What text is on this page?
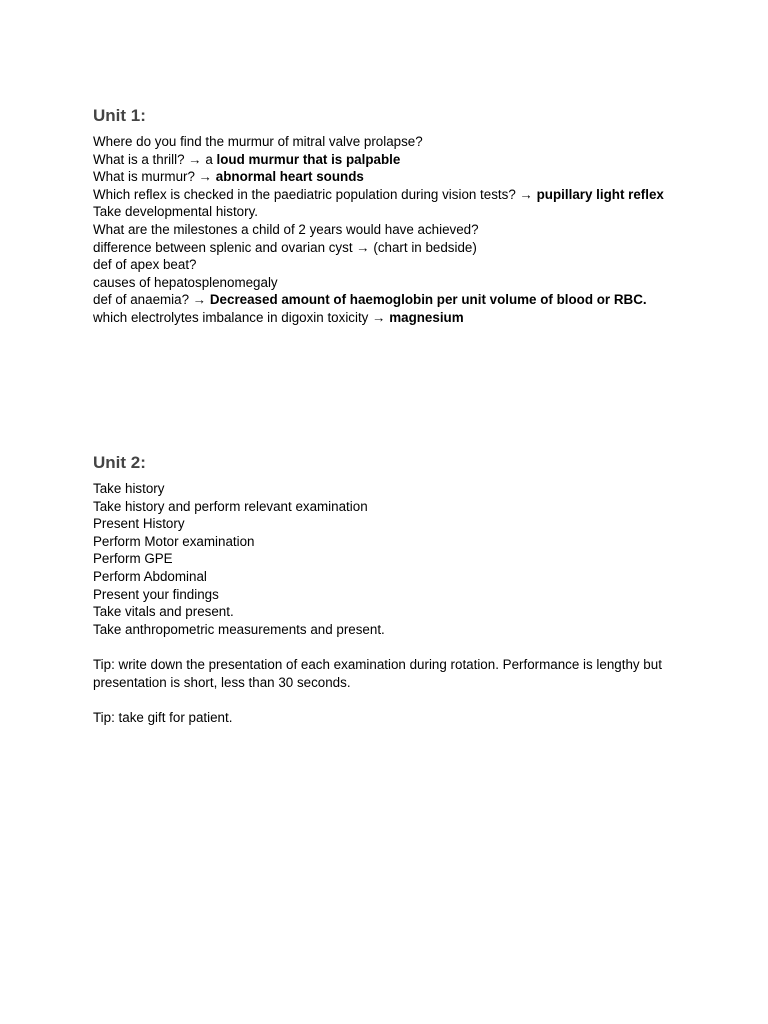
Unit 1:

Where do you find the murmur of mitral valve prolapse?

What is a thrill? → a loud murmur that is palpable

What is murmur? → abnormal heart sounds

Which reflex is checked in the paediatric population during vision tests? → pupillary light reflex

Take developmental history.

What are the milestones a child of 2 years would have achieved?

difference between splenic and ovarian cyst → (chart in bedside)

def of apex beat?

causes of hepatosplenomegaly

def of anaemia? → Decreased amount of haemoglobin per unit volume of blood or RBC.

which electrolytes imbalance in digoxin toxicity → magnesium

Unit 2:

Take history

Take history and perform relevant examination

Present History

Perform Motor examination

Perform GPE

Perform Abdominal

Present your findings

Take vitals and present.

Take anthropometric measurements and present.

Tip: write down the presentation of each examination during rotation. Performance is lengthy but presentation is short, less than 30 seconds.

Tip: take gift for patient.
